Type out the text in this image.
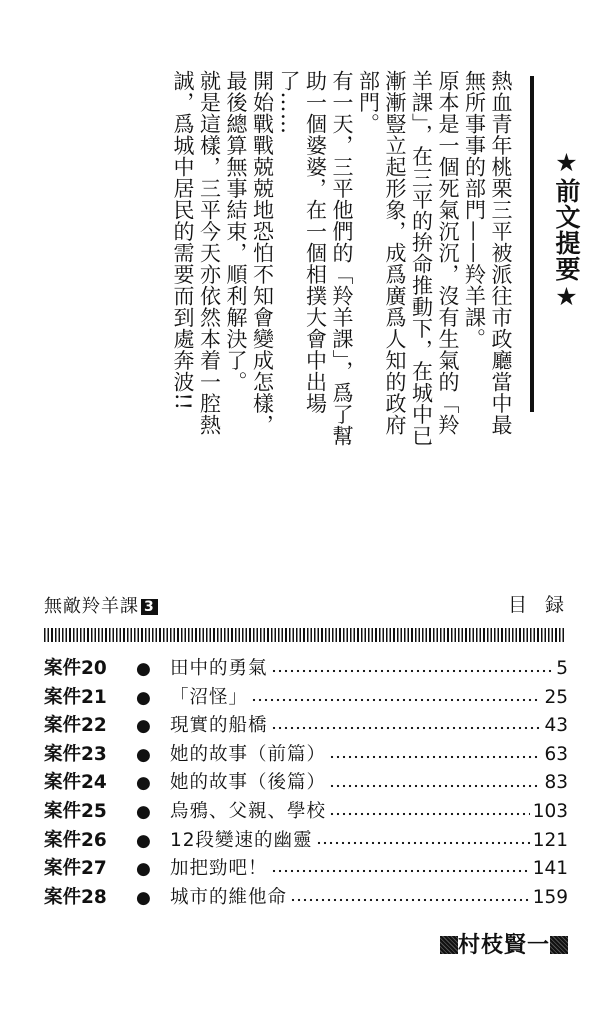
★前文提要★

熱血青年桃栗三平被派往市政廳當中最無所事事的部門——羚羊課。

原本是一個死氣沉沉，沒有生氣的「羚羊課」，在三平的拚命推動下，在城中已漸漸豎立起形象，成爲廣爲人知的政府部門。

有一天，三平他們的「羚羊課」，爲了幫助一個婆婆，在一個相撲大會中出場了……

開始戰戰兢兢地恐怕不知會變成怎樣，最後總算無事結束，順利解決了。

就是這樣，三平今天亦依然本着一腔熱誠，爲城中居民的需要而到處奔波!!

無敵羚羊課 3	目録
案件20	●	田中的勇氣	5
案件21	●	「沼怪」	25
案件22	●	現實的船橋	43
案件23	●	她的故事（前篇）	63
案件24	●	她的故事（後篇）	83
案件25	●	烏鴉、父親、學校	103
案件26	●	12段變速的幽靈	121
案件27	●	加把勁吧！	141
案件28	●	城市的維他命	159
村枝賢一
